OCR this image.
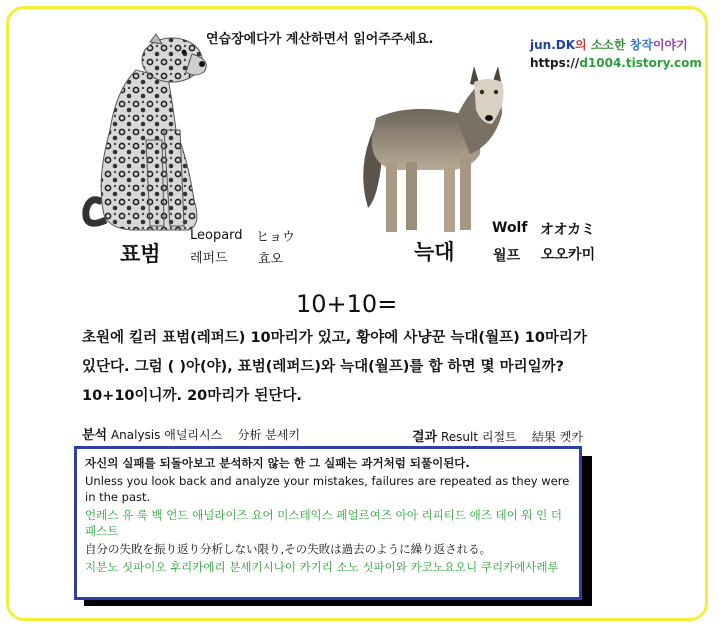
연습장에다가 계산하면서 읽어주주세요.	jun.DK의 소소한 창작이야기
https://d1004.tistory.com
표범
Leopard
레퍼드
ヒョウ
효오	늑대
Wolf
월프
オオカミ
오오카미
10+10=
초원에 킬러 표범(레퍼드) 10마리가 있고, 황야에 사냥꾼 늑대(월프) 10마리가
있단다. 그럼 ( )아(야), 표범(레퍼드)와 늑대(월프)를 합 하면 몇 마리일까?
10+10이니까. 20마리가 된단다.
분석 Analysis 애널리시스 分析 분세키	결과 Result 리절트 結果 켓카
자신의 실패를 되돌아보고 분석하지 않는 한 그 실패는 과거처럼 되풀이된다.
Unless you look back and analyze your mistakes, failures are repeated as they were in the past.
언레스 유 룩 백 언드 애널라이즈 요어 미스테익스 페얼르여즈 아아 리피티드 애즈 데이 워 인 더 패스트
自分の失敗を振り返り分析しない限り,その失敗は過去のように繰り返される。
지분노 싯파이오 후리카에리 분세키시나이 카기리 소노 싯파이와 카코노요오니 쿠리카에사레루
